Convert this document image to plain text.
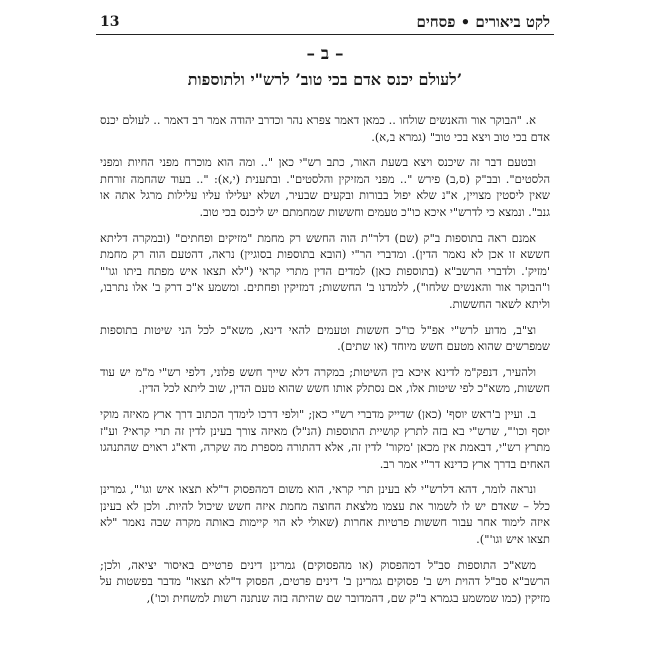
13	לקט ביאורים • פסחים
– ב –
’לעולם יכנס אדם בכי טוב’ לרש"י ולתוספות

א. "הבוקר אור והאנשים שולחו .. כמאן דאמר צפרא נהר וכדרב יהודה אמר רב דאמר .. לעולם יכנס אדם בכי טוב ויצא בכי טוב" (גמרא ב,א).

ובטעם דבר זה שיכנס ויצא בשעת האור, כתב רש"י כאן ".. ומה הוא מוכרח מפני החיות ומפני הלסטים". ובב"ק (ס,ב) פירש ".. מפני המזיקין והלסטים". ובתענית (י,א): ".. בעוד שהחמה זורחת שאין ליסטין מצויין, א"נ שלא יפול בבורות ובקעים שבעיר, ושלא יעלילו עליו עלילות מרגל אתה או גנב". ונמצא כי לדרש"י איכא כו"כ טעמים וחששות שמחמתם יש ליכנס בכי טוב.

אמנם ראה בתוספות ב"ק (שם) דלר"ת הוה החשש רק מחמת "מזיקים ופחתים" (ובמקרה דליתא חששא זו אכן לא נאמר הדין). ומדברי הר"י (הובא בתוספות בסוגיין) נראה, דהטעם הוה רק מחמת 'מזיק'. ולדברי הרשב"א (בתוספות כאן) למדים הדין מתרי קראי ("לא תצאו איש מפתח ביתו וגו'" ו"הבוקר אור והאנשים שלחו"), ללמדנו ב' החששות; דמזיקין ופחתים. ומשמע א"כ דרק ב' אלו נתרבו, וליתא לשאר החששות.

וצ"ב, מדוע לרש"י אפ"ל כו"כ חששות וטעמים להאי דינא, משא"כ לכל הני שיטות בתוספות שמפרשים שהוא מטעם חשש מיוחד (או שתים).

ולהעיר, דנפק"מ לדינא איכא בין השיטות; במקרה דלא שייך חשש פלוני, דלפי רש"י מ"מ יש עוד חששות, משא"כ לפי שיטות אלו, אם נסתלק אותו חשש שהוא טעם הדין, שוב ליתא לכל הדין.

ב. ועיין ב'ראש יוסף' (כאן) שדייק מדברי רש"י כאן; "ולפי דרכו לימדך הכתוב דרך ארץ מאיזה מוקי יוסף וכו'", שרש"י בא בזה לתרץ קושיית התוספות (הנ"ל) מאיזה צורך בעינן לדין זה תרי קראי? וע"ז מתרץ רש"י, דבאמת אין מכאן 'מקור' לדין זה, אלא דהתורה מספרת מה שקרה, ודא"ג ראוים שהתנהגו האחים בדרך ארץ כדינא דר"י אמר רב.

ונראה לומר, דהא דלרש"י לא בעינן תרי קראי, הוא משום דמהפסוק ד"לא תצאו איש וגו'", גמרינן כלל – שאדם יש לו לשמור את עצמו מלצאת החוצה מחמת איזה חשש שיכול להיות. ולכן לא בעינן איזה לימוד אחר עבור חששות פרטיות אחרות (שאולי לא הוי קיימות באותה מקרה שבה נאמר "לא תצאו איש וגו'").

משא"כ התוספות סב"ל דמהפסוק (או מהפסוקים) גמרינן דינים פרטיים באיסור יציאה, ולכן; הרשב"א סב"ל דהוית ויש ב' פסוקים גמרינן ב' דינים פרטים, הפסוק ד"לא תצאו" מדבר בפשטות על מזיקין (כמו שמשמע בגמרא ב"ק שם, דהמדובר שם שהיתה בזה שנתנה רשות למשחית וכו'),
